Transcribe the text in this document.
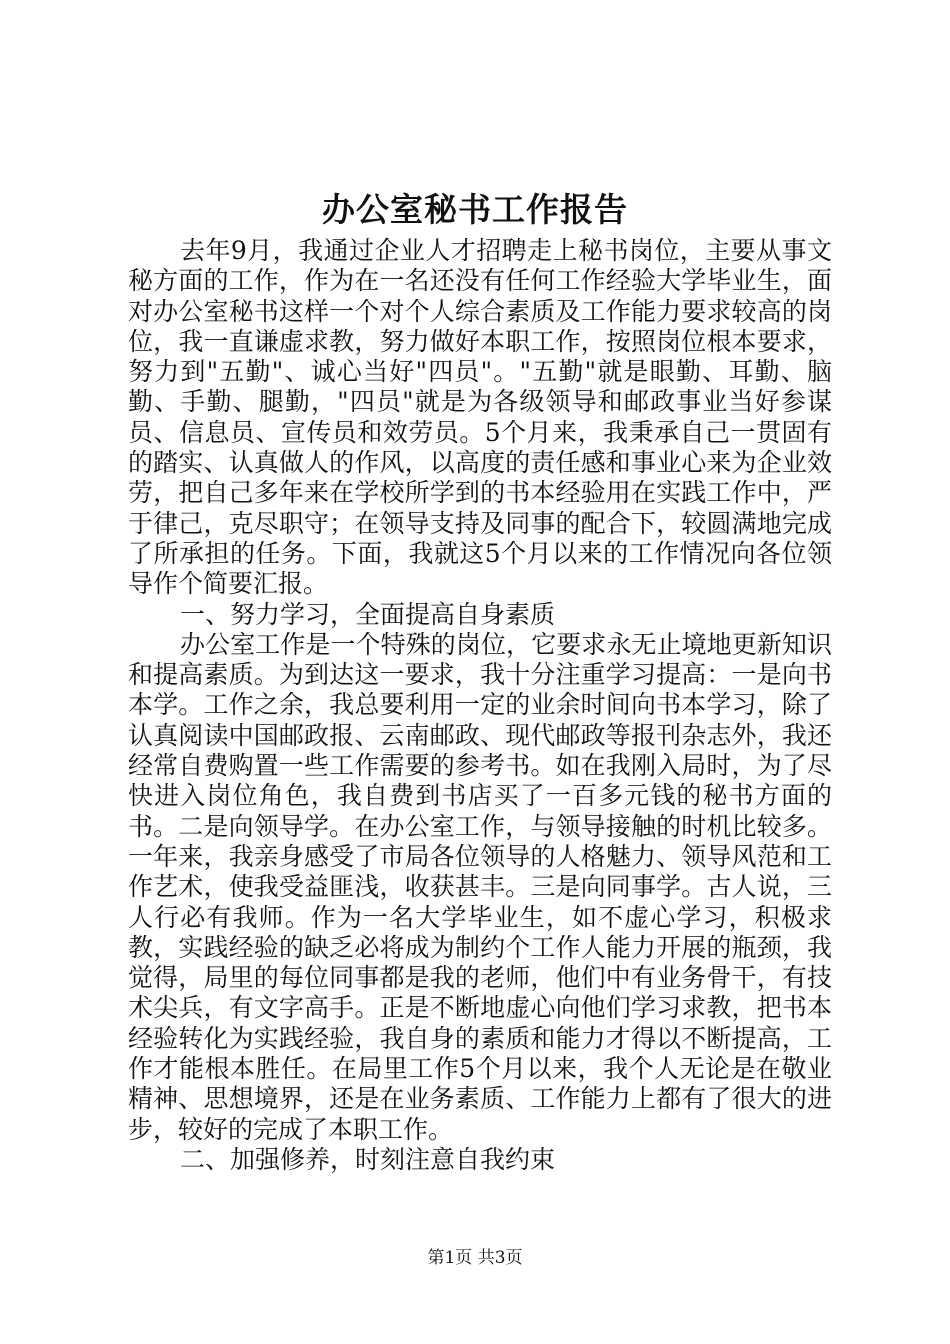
办公室秘书工作报告

去年9月，我通过企业人才招聘走上秘书岗位，主要从事文秘方面的工作，作为在一名还没有任何工作经验大学毕业生，面对办公室秘书这样一个对个人综合素质及工作能力要求较高的岗位，我一直谦虚求教，努力做好本职工作，按照岗位根本要求，努力到"五勤"、诚心当好"四员"。"五勤"就是眼勤、耳勤、脑勤、手勤、腿勤，"四员"就是为各级领导和邮政事业当好参谋员、信息员、宣传员和效劳员。5个月来，我秉承自己一贯固有的踏实、认真做人的作风，以高度的责任感和事业心来为企业效劳，把自己多年来在学校所学到的书本经验用在实践工作中，严于律己，克尽职守；在领导支持及同事的配合下，较圆满地完成了所承担的任务。下面，我就这5个月以来的工作情况向各位领导作个简要汇报。

一、努力学习，全面提高自身素质

办公室工作是一个特殊的岗位，它要求永无止境地更新知识和提高素质。为到达这一要求，我十分注重学习提高：一是向书本学。工作之余，我总要利用一定的业余时间向书本学习，除了认真阅读中国邮政报、云南邮政、现代邮政等报刊杂志外，我还经常自费购置一些工作需要的参考书。如在我刚入局时，为了尽快进入岗位角色，我自费到书店买了一百多元钱的秘书方面的书。二是向领导学。在办公室工作，与领导接触的时机比较多。一年来，我亲身感受了市局各位领导的人格魅力、领导风范和工作艺术，使我受益匪浅，收获甚丰。三是向同事学。古人说，三人行必有我师。作为一名大学毕业生，如不虚心学习，积极求教，实践经验的缺乏必将成为制约个工作人能力开展的瓶颈，我觉得，局里的每位同事都是我的老师，他们中有业务骨干，有技术尖兵，有文字高手。正是不断地虚心向他们学习求教，把书本经验转化为实践经验，我自身的素质和能力才得以不断提高，工作才能根本胜任。在局里工作5个月以来，我个人无论是在敬业精神、思想境界，还是在业务素质、工作能力上都有了很大的进步，较好的完成了本职工作。

二、加强修养，时刻注意自我约束

第1页 共3页
